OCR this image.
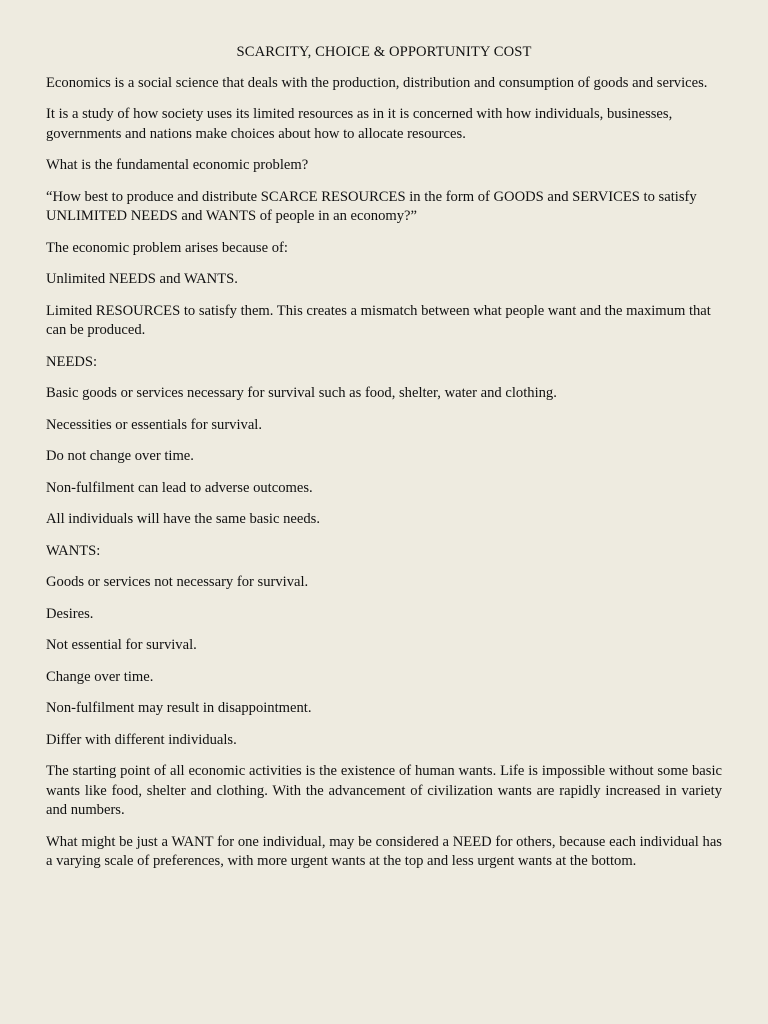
SCARCITY, CHOICE & OPPORTUNITY COST

Economics is a social science that deals with the production, distribution and consumption of goods and services.

It is a study of how society uses its limited resources as in it is concerned with how individuals, businesses, governments and nations make choices about how to allocate resources.

What is the fundamental economic problem?

“How best to produce and distribute SCARCE RESOURCES in the form of GOODS and SERVICES to satisfy UNLIMITED NEEDS and WANTS of people in an economy?”

The economic problem arises because of:

Unlimited NEEDS and WANTS.

Limited RESOURCES to satisfy them. This creates a mismatch between what people want and the maximum that can be produced.

NEEDS:

Basic goods or services necessary for survival such as food, shelter, water and clothing.

Necessities or essentials for survival.

Do not change over time.

Non-fulfilment can lead to adverse outcomes.

All individuals will have the same basic needs.

WANTS:

Goods or services not necessary for survival.

Desires.

Not essential for survival.

Change over time.

Non-fulfilment may result in disappointment.

Differ with different individuals.

The starting point of all economic activities is the existence of human wants. Life is impossible without some basic wants like food, shelter and clothing. With the advancement of civilization wants are rapidly increased in variety and numbers.

What might be just a WANT for one individual, may be considered a NEED for others, because each individual has a varying scale of preferences, with more urgent wants at the top and less urgent wants at the bottom.
